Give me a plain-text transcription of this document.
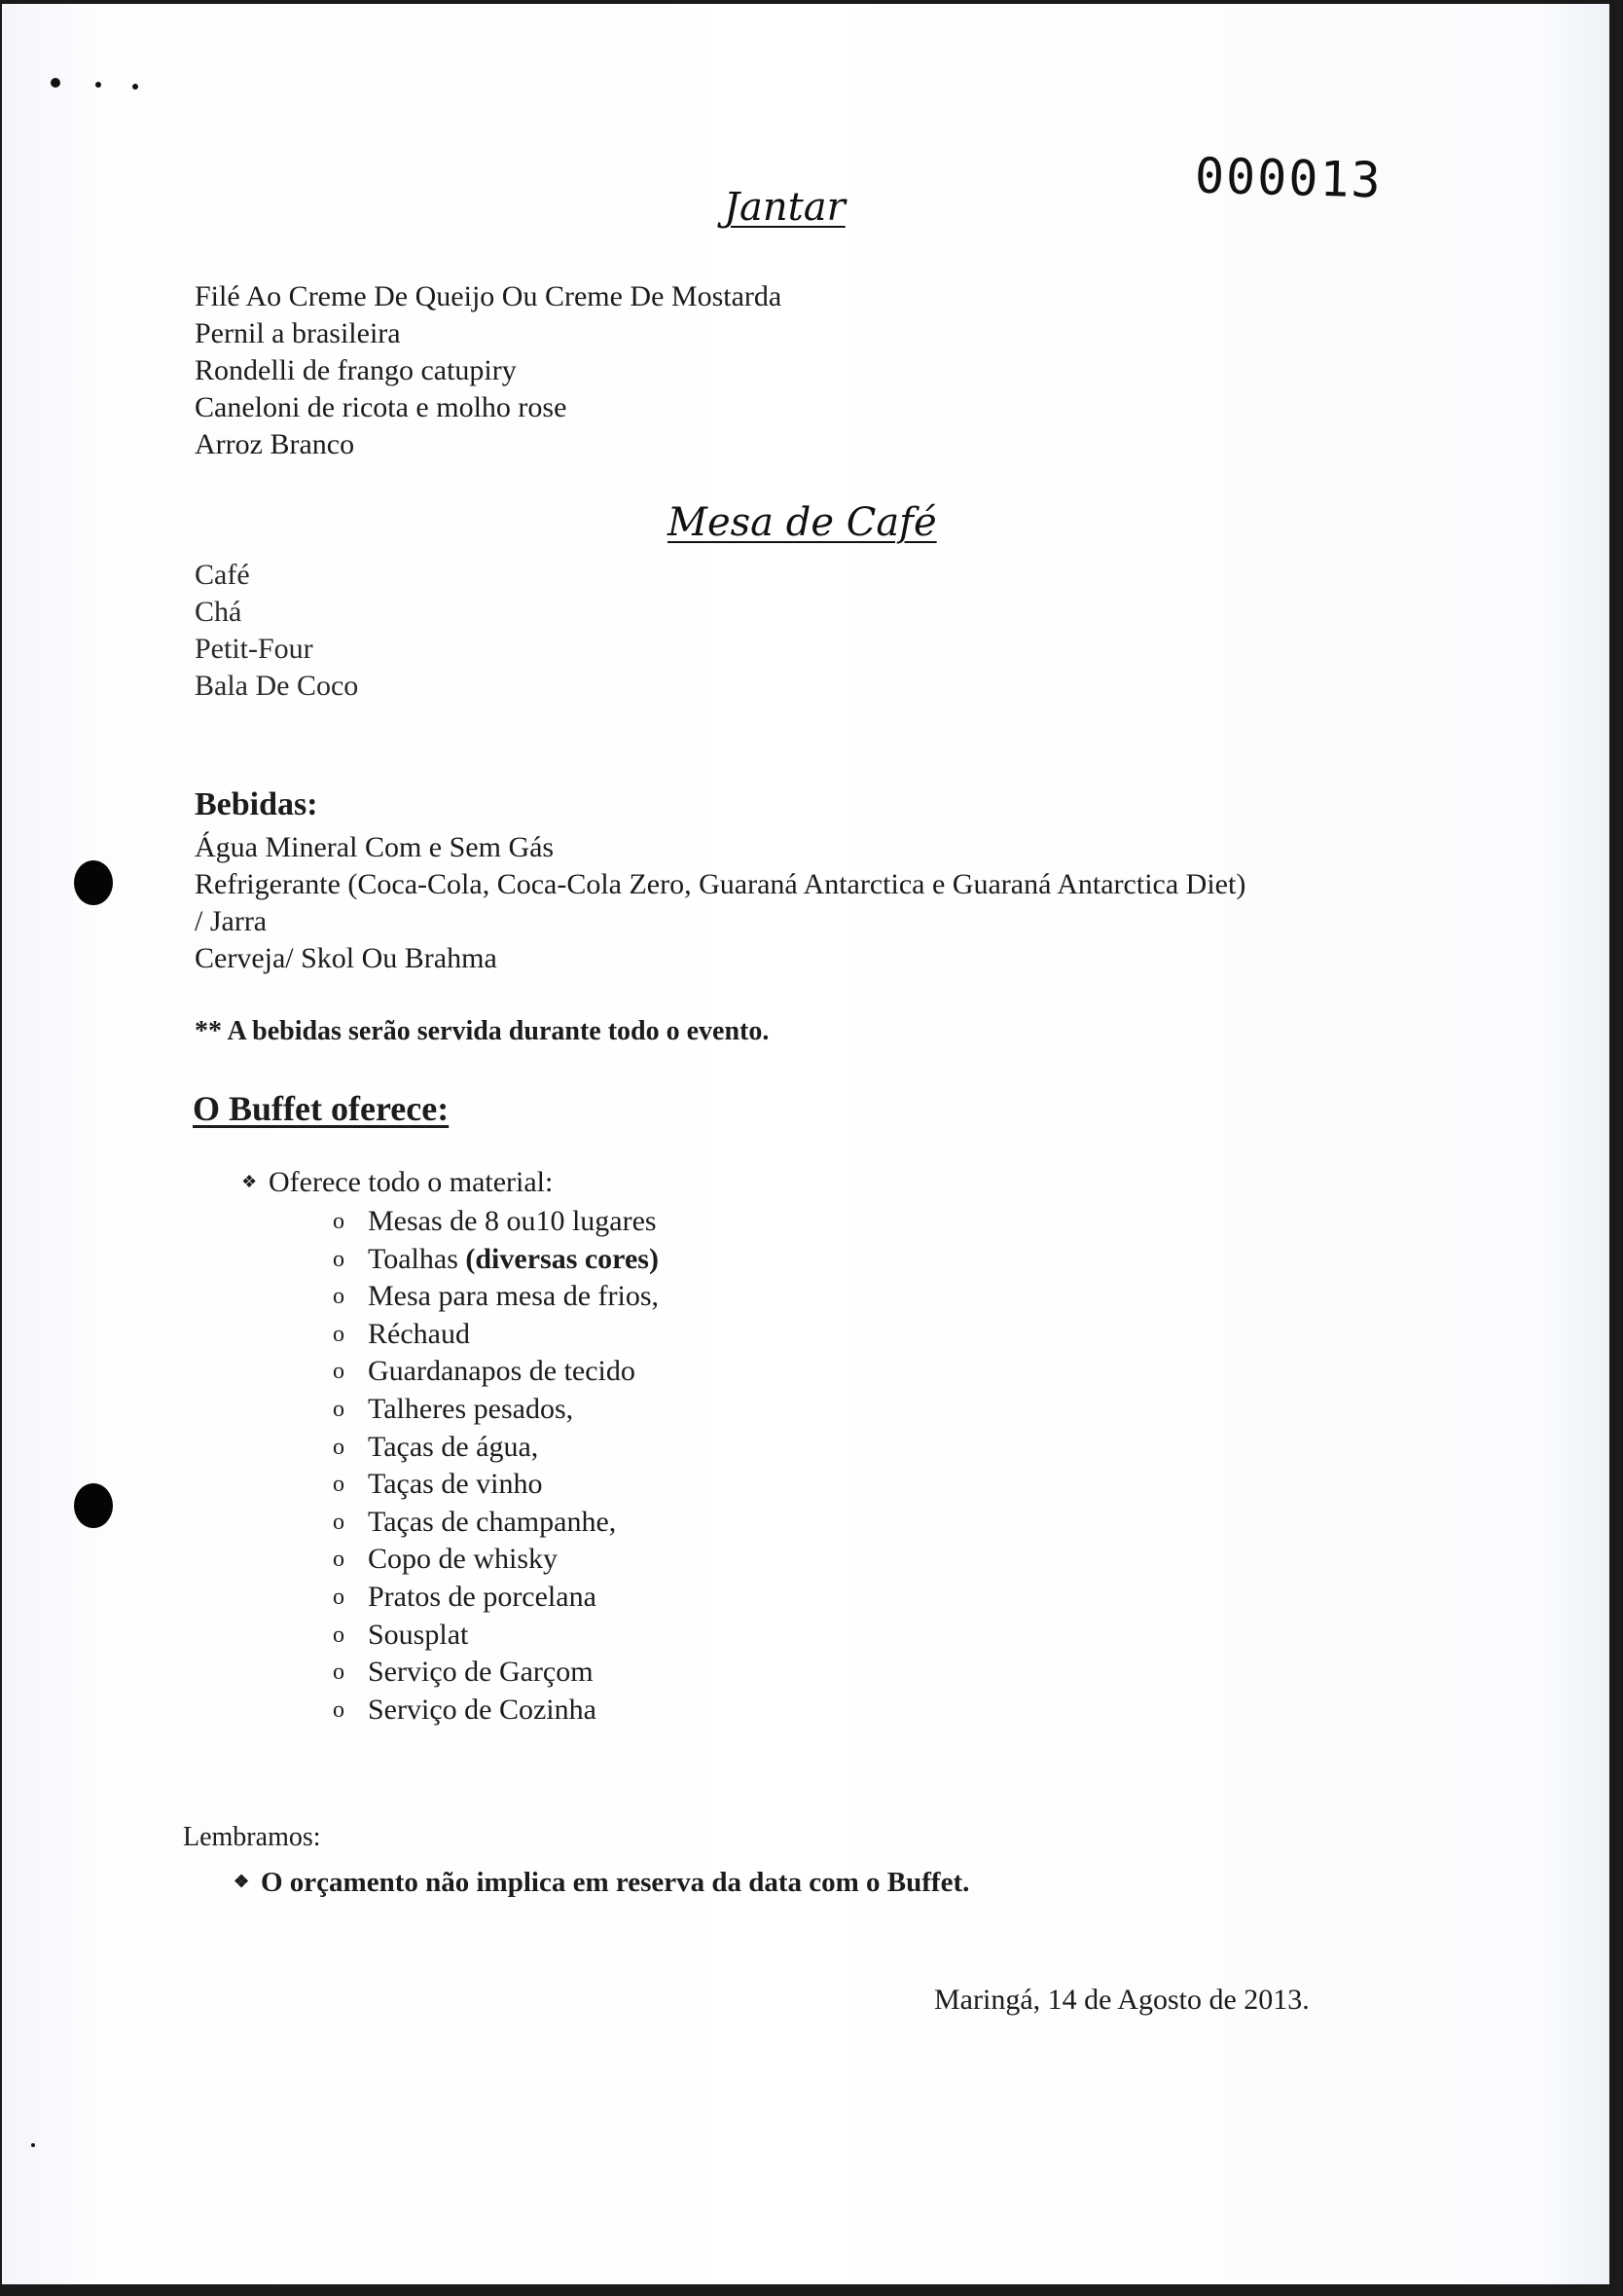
000013
Jantar
Filé Ao Creme De Queijo Ou Creme De Mostarda
Pernil a brasileira
Rondelli de frango catupiry
Caneloni de ricota e molho rose
Arroz Branco
Mesa de Café
Café
Chá
Petit-Four
Bala De Coco
Bebidas:
Água Mineral Com e Sem Gás
Refrigerante (Coca-Cola, Coca-Cola Zero, Guaraná Antarctica e Guaraná Antarctica Diet)
/ Jarra
Cerveja/ Skol Ou Brahma
** A bebidas serão servida durante todo o evento.
O Buffet oferece:
❖ Oferece todo o material:
o Mesas de 8 ou10 lugares
o Toalhas (diversas cores)
o Mesa para mesa de frios,
o Réchaud
o Guardanapos de tecido
o Talheres pesados,
o Taças de água,
o Taças de vinho
o Taças de champanhe,
o Copo de whisky
o Pratos de porcelana
o Sousplat
o Serviço de Garçom
o Serviço de Cozinha
Lembramos:
❖ O orçamento não implica em reserva da data com o Buffet.
Maringá, 14 de Agosto de 2013.
